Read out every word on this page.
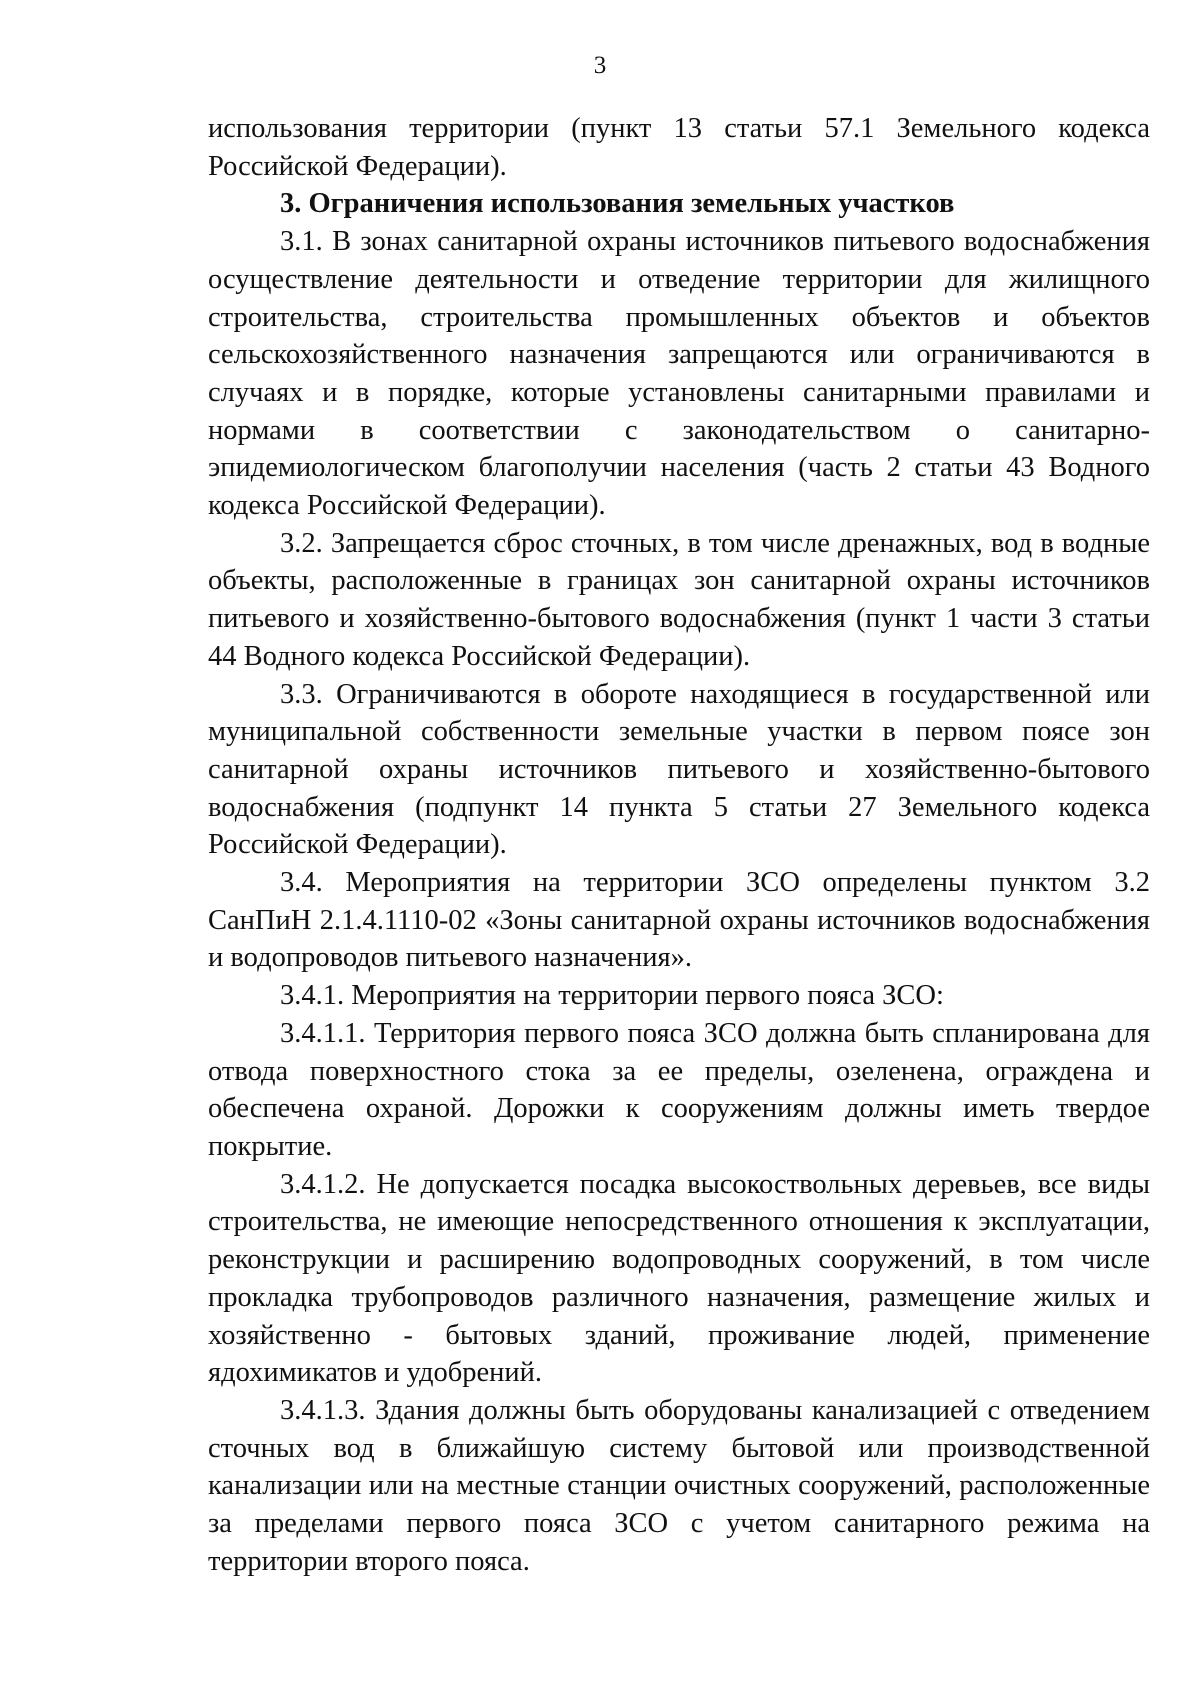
3

использования территории (пункт 13 статьи 57.1 Земельного кодекса Российской Федерации).

3. Ограничения использования земельных участков

3.1. В зонах санитарной охраны источников питьевого водоснабжения осуществление деятельности и отведение территории для жилищного строительства, строительства промышленных объектов и объектов сельскохозяйственного назначения запрещаются или ограничиваются в случаях и в порядке, которые установлены санитарными правилами и нормами в соответствии с законодательством о санитарно-эпидемиологическом благополучии населения (часть 2 статьи 43 Водного кодекса Российской Федерации).

3.2. Запрещается сброс сточных, в том числе дренажных, вод в водные объекты, расположенные в границах зон санитарной охраны источников питьевого и хозяйственно-бытового водоснабжения (пункт 1 части 3 статьи 44 Водного кодекса Российской Федерации).

3.3. Ограничиваются в обороте находящиеся в государственной или муниципальной собственности земельные участки в первом поясе зон санитарной охраны источников питьевого и хозяйственно-бытового водоснабжения (подпункт 14 пункта 5 статьи 27 Земельного кодекса Российской Федерации).

3.4. Мероприятия на территории ЗСО определены пунктом 3.2 СанПиН 2.1.4.1110-02 «Зоны санитарной охраны источников водоснабжения и водопроводов питьевого назначения».

3.4.1. Мероприятия на территории первого пояса ЗСО:

3.4.1.1. Территория первого пояса ЗСО должна быть спланирована для отвода поверхностного стока за ее пределы, озеленена, ограждена и обеспечена охраной. Дорожки к сооружениям должны иметь твердое покрытие.

3.4.1.2. Не допускается посадка высокоствольных деревьев, все виды строительства, не имеющие непосредственного отношения к эксплуатации, реконструкции и расширению водопроводных сооружений, в том числе прокладка трубопроводов различного назначения, размещение жилых и хозяйственно - бытовых зданий, проживание людей, применение ядохимикатов и удобрений.

3.4.1.3. Здания должны быть оборудованы канализацией с отведением сточных вод в ближайшую систему бытовой или производственной канализации или на местные станции очистных сооружений, расположенные за пределами первого пояса ЗСО с учетом санитарного режима на территории второго пояса.
